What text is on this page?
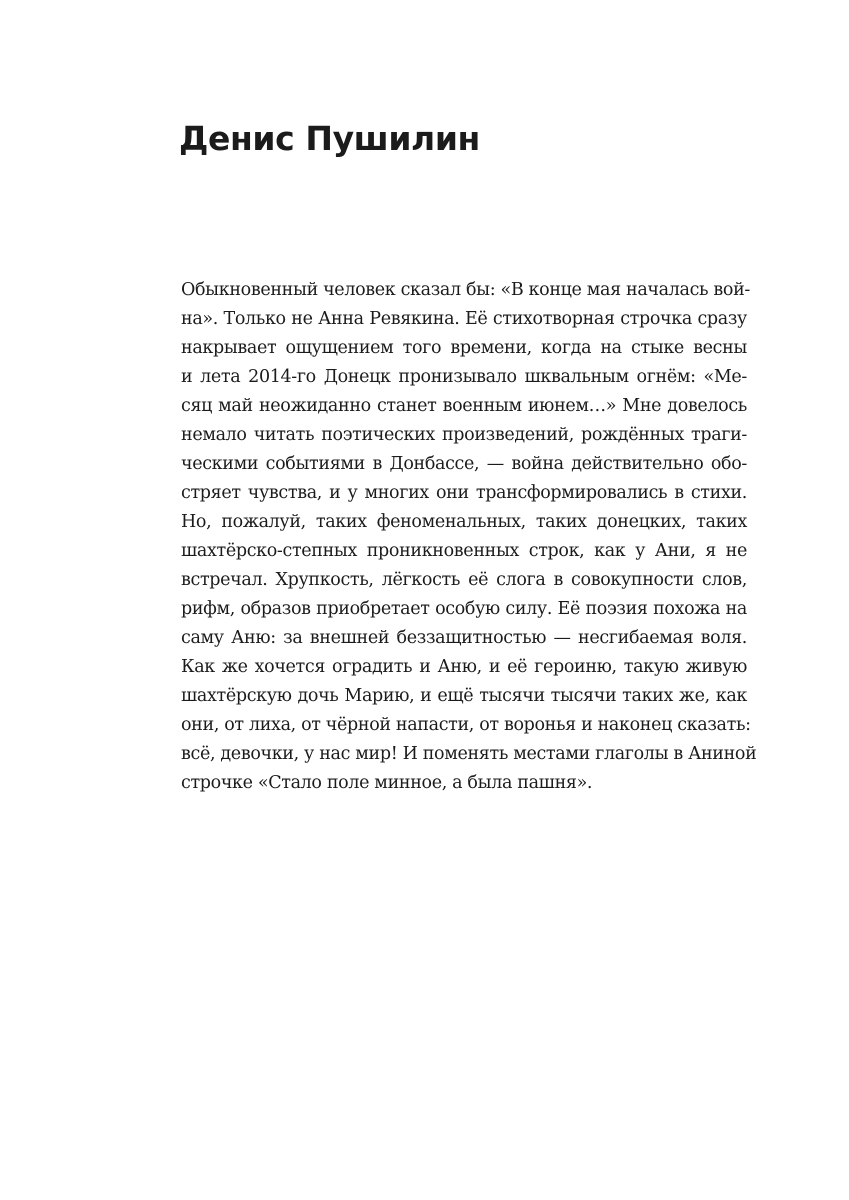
Денис Пушилин
Обыкновенный человек сказал бы: «В конце мая началась вой-
на». Только не Анна Ревякина. Её стихотворная строчка сразу
накрывает ощущением того времени, когда на стыке весны
и лета 2014-го Донецк пронизывало шквальным огнём: «Ме-
сяц май неожиданно станет военным июнем…» Мне довелось
немало читать поэтических произведений, рождённых траги-
ческими событиями в Донбассе, — война действительно обо-
стряет чувства, и у многих они трансформировались в стихи.
Но, пожалуй, таких феноменальных, таких донецких, таких
шахтёрско-степных проникновенных строк, как у Ани, я не
встречал. Хрупкость, лёгкость её слога в совокупности слов,
рифм, образов приобретает особую силу. Её поэзия похожа на
саму Аню: за внешней беззащитностью — несгибаемая воля.
Как же хочется оградить и Аню, и её героиню, такую живую
шахтёрскую дочь Марию, и ещё тысячи тысячи таких же, как
они, от лиха, от чёрной напасти, от воронья и наконец сказать:
всё, девочки, у нас мир! И поменять местами глаголы в Аниной
строчке «Стало поле минное, а была пашня».
